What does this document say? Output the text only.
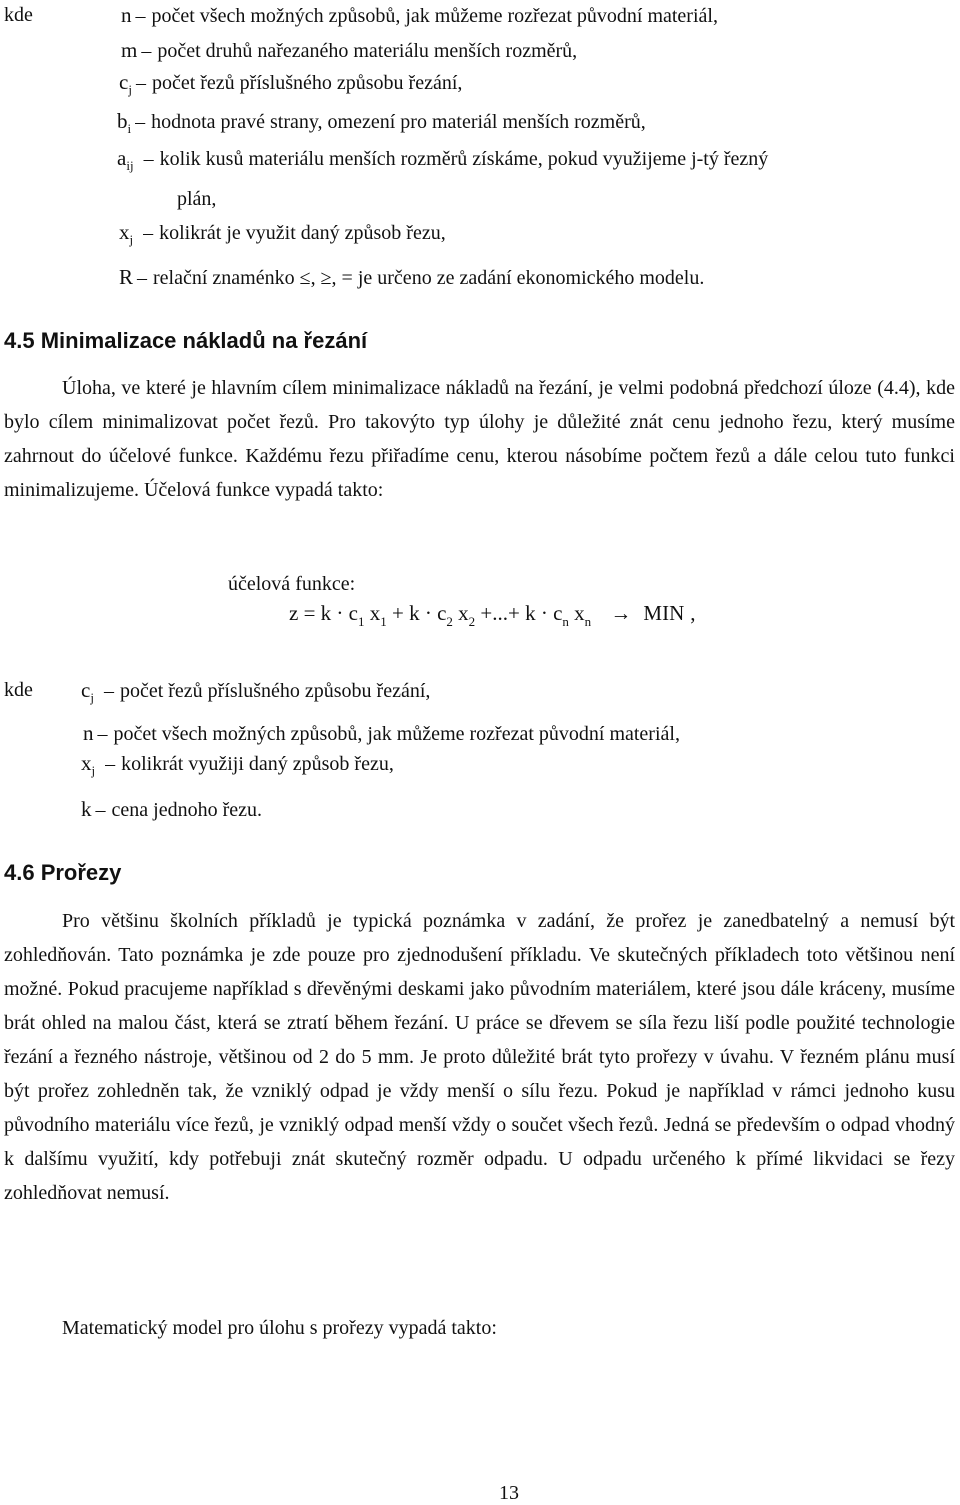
kde	n – počet všech možných způsobů, jak můžeme rozřezat původní materiál,
m – počet druhů nařezaného materiálu menších rozměrů,
$c_j$ – počet řezů příslušného způsobu řezání,
$b_i$ – hodnota pravé strany, omezení pro materiál menších rozměrů,
$a_{ij}$ – kolik kusů materiálu menších rozměrů získáme, pokud využijeme j-tý řezný
plán,
$x_j$ – kolikrát je využit daný způsob řezu,
R – relační znaménko ≤, ≥, = je určeno ze zadání ekonomického modelu.
4.5 Minimalizace nákladů na řezání

Úloha, ve které je hlavním cílem minimalizace nákladů na řezání, je velmi podobná předchozí úloze (4.4), kde bylo cílem minimalizovat počet řezů. Pro takovýto typ úlohy je důležité znát cenu jednoho řezu, který musíme zahrnout do účelové funkce. Každému řezu přiřadíme cenu, kterou násobíme počtem řezů a dále celou tuto funkci minimalizujeme. Účelová funkce vypadá takto:

účelová funkce:
$z = k \cdot c_1$ $x_1 + k \cdot c_2$ $x_2$ +...+ $k \cdot c_n$ $x_n$ → MIN ,
kde $c_j$ – počet řezů příslušného způsobu řezání,
n – počet všech možných způsobů, jak můžeme rozřezat původní materiál,
$x_j$ – kolikrát využiji daný způsob řezu,
k – cena jednoho řezu.
4.6 Prořezy

Pro většinu školních příkladů je typická poznámka v zadání, že prořez je zanedbatelný a nemusí být zohledňován. Tato poznámka je zde pouze pro zjednodušení příkladu. Ve skutečných příkladech toto většinou není možné. Pokud pracujeme například s dřevěnými deskami jako původním materiálem, které jsou dále kráceny, musíme brát ohled na malou část, která se ztratí během řezání. U práce se dřevem se síla řezu liší podle použité technologie řezání a řezného nástroje, většinou od 2 do 5 mm. Je proto důležité brát tyto prořezy v úvahu. V řezném plánu musí být prořez zohledněn tak, že vzniklý odpad je vždy menší o sílu řezu. Pokud je například v rámci jednoho kusu původního materiálu více řezů, je vzniklý odpad menší vždy o součet všech řezů. Jedná se především o odpad vhodný k dalšímu využití, kdy potřebuji znát skutečný rozměr odpadu. U odpadu určeného k přímé likvidaci se řezy zohledňovat nemusí.

Matematický model pro úlohu s prořezy vypadá takto:
13
